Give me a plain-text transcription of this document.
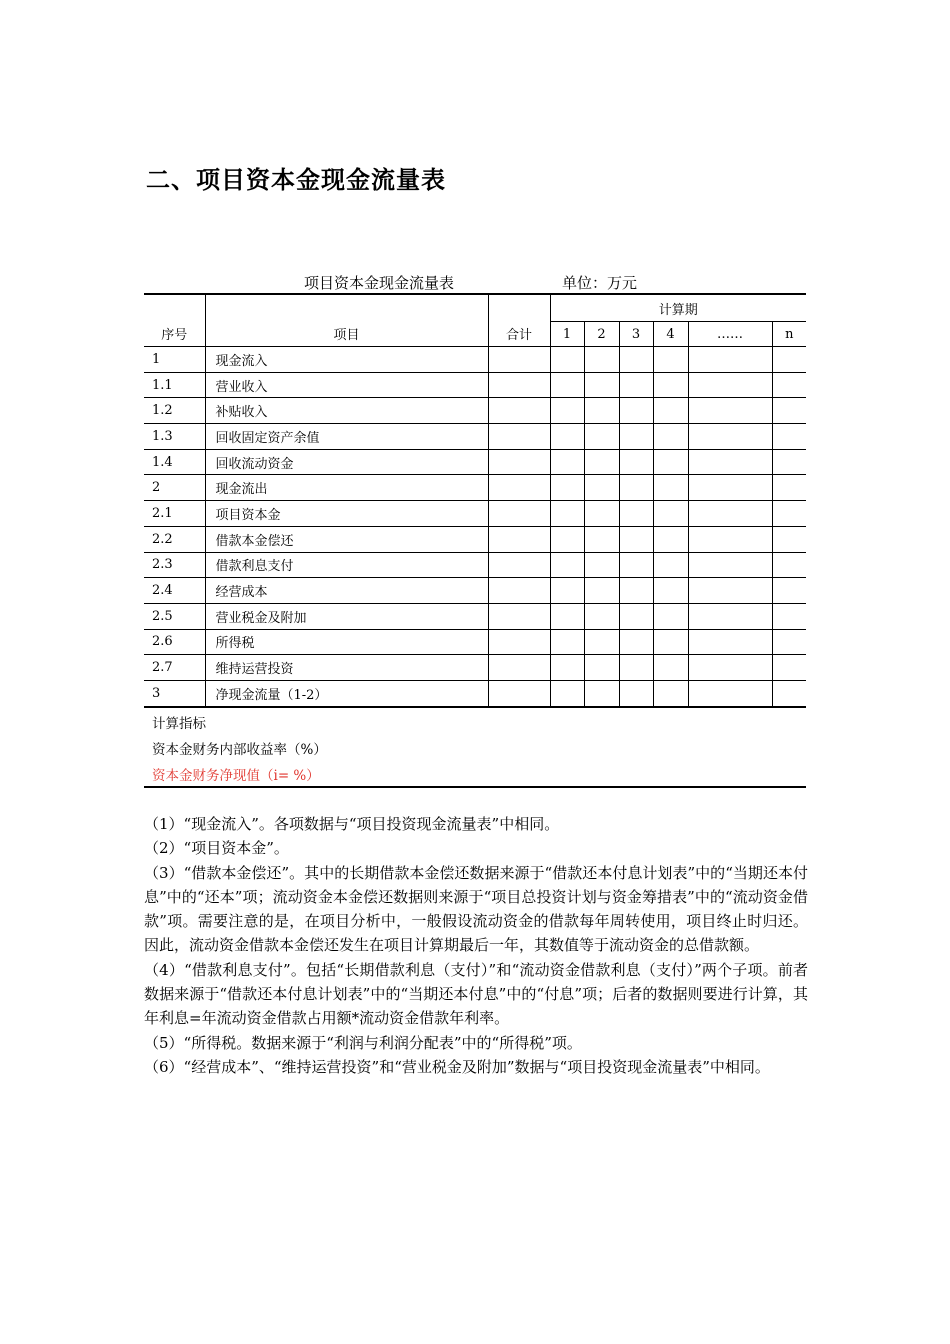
二、项目资本金现金流量表
项目资本金现金流量表	单位：万元
序号	项目	合计	计算期					
			1	2	3	4	……	n
1	现金流入							
1.1	营业收入							
1.2	补贴收入							
1.3	回收固定资产余值							
1.4	回收流动资金							
2	现金流出							
2.1	项目资本金							
2.2	借款本金偿还							
2.3	借款利息支付							
2.4	经营成本							
2.5	营业税金及附加							
2.6	所得税							
2.7	维持运营投资							
3	净现金流量（1-2）							
计算指标
资本金财务内部收益率（%）
资本金财务净现值（i= %）

（1）“现金流入”。各项数据与“项目投资现金流量表”中相同。

（2）“项目资本金”。

（3）“借款本金偿还”。其中的长期借款本金偿还数据来源于“借款还本付息计划表”中的“当期还本付息”中的“还本”项；流动资金本金偿还数据则来源于“项目总投资计划与资金筹措表”中的“流动资金借款”项。需要注意的是，在项目分析中，一般假设流动资金的借款每年周转使用，项目终止时归还。因此，流动资金借款本金偿还发生在项目计算期最后一年，其数值等于流动资金的总借款额。

（4）“借款利息支付”。包括“长期借款利息（支付）”和“流动资金借款利息（支付）”两个子项。前者数据来源于“借款还本付息计划表”中的“当期还本付息”中的“付息”项；后者的数据则要进行计算，其年利息=年流动资金借款占用额*流动资金借款年利率。

（5）“所得税。数据来源于“利润与利润分配表”中的“所得税”项。

（6）“经营成本”、“维持运营投资”和“营业税金及附加”数据与“项目投资现金流量表”中相同。
